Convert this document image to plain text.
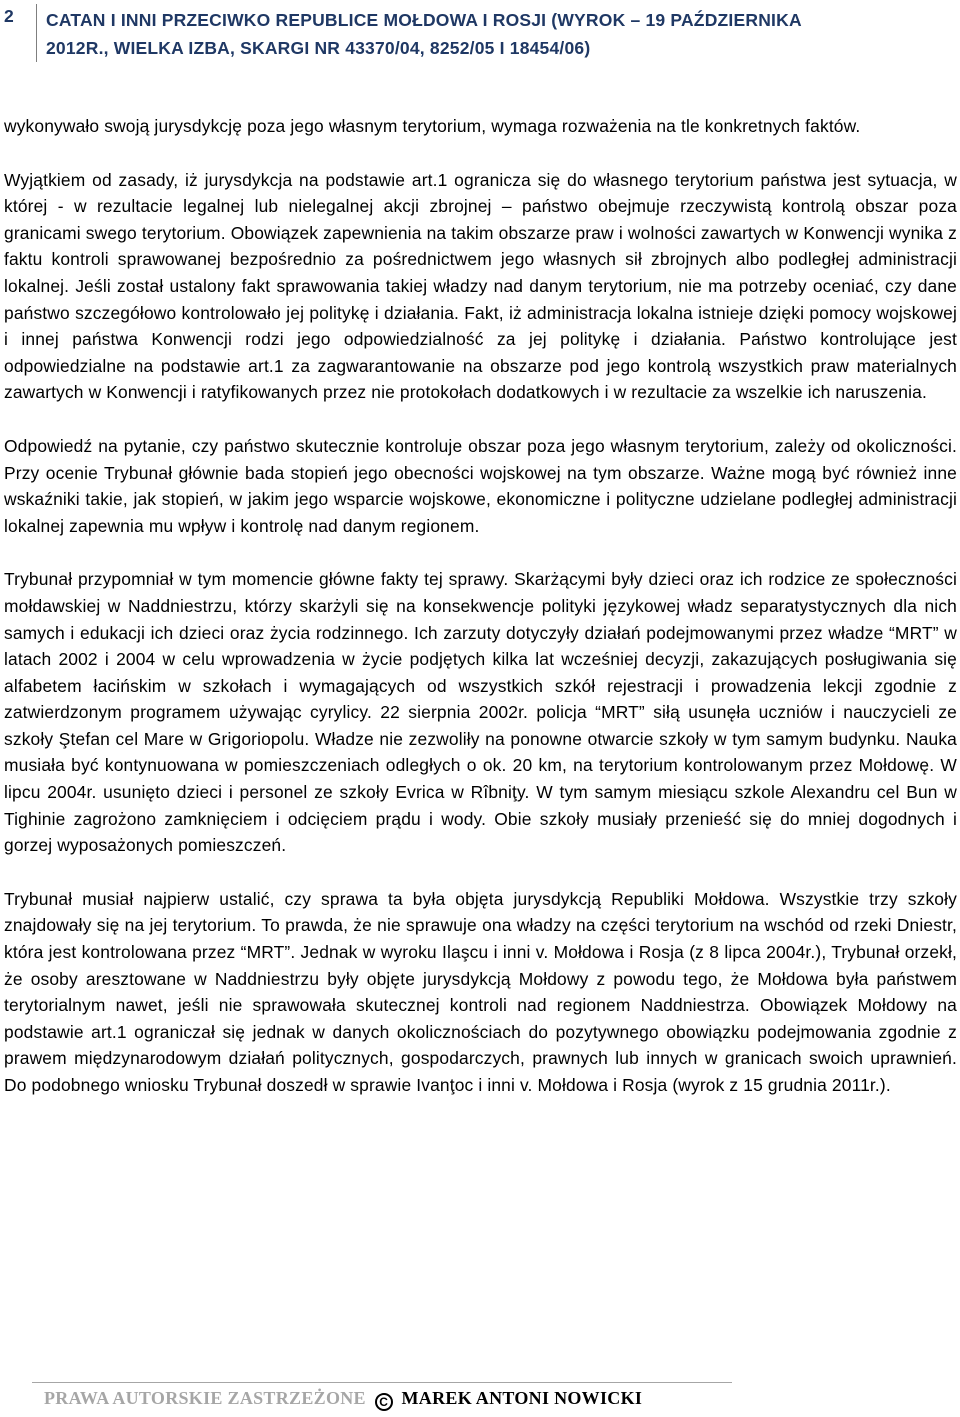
2 CATAN I INNI PRZECIWKO REPUBLICE MOŁDOWA I ROSJI (WYROK – 19 PAŹDZIERNIKA
2012R., WIELKA IZBA, SKARGI NR 43370/04, 8252/05 I 18454/06)

wykonywało swoją jurysdykcję poza jego własnym terytorium, wymaga rozważenia na tle konkretnych faktów.

Wyjątkiem od zasady, iż jurysdykcja na podstawie art.1 ogranicza się do własnego terytorium państwa jest sytuacja, w której - w rezultacie legalnej lub nielegalnej akcji zbrojnej – państwo obejmuje rzeczywistą kontrolą obszar poza granicami swego terytorium. Obowiązek zapewnienia na takim obszarze praw i wolności zawartych w Konwencji wynika z faktu kontroli sprawowanej bezpośrednio za pośrednictwem jego własnych sił zbrojnych albo podległej administracji lokalnej. Jeśli został ustalony fakt sprawowania takiej władzy nad danym terytorium, nie ma potrzeby oceniać, czy dane państwo szczegółowo kontrolowało jej politykę i działania. Fakt, iż administracja lokalna istnieje dzięki pomocy wojskowej i innej państwa Konwencji rodzi jego odpowiedzialność za jej politykę i działania. Państwo kontrolujące jest odpowiedzialne na podstawie art.1 za zagwarantowanie na obszarze pod jego kontrolą wszystkich praw materialnych zawartych w Konwencji i ratyfikowanych przez nie protokołach dodatkowych i w rezultacie za wszelkie ich naruszenia.

Odpowiedź na pytanie, czy państwo skutecznie kontroluje obszar poza jego własnym terytorium, zależy od okoliczności. Przy ocenie Trybunał głównie bada stopień jego obecności wojskowej na tym obszarze. Ważne mogą być również inne wskaźniki takie, jak stopień, w jakim jego wsparcie wojskowe, ekonomiczne i polityczne udzielane podległej administracji lokalnej zapewnia mu wpływ i kontrolę nad danym regionem.

Trybunał przypomniał w tym momencie główne fakty tej sprawy. Skarżącymi były dzieci oraz ich rodzice ze społeczności mołdawskiej w Naddniestrzu, którzy skarżyli się na konsekwencje polityki językowej władz separatystycznych dla nich samych i edukacji ich dzieci oraz życia rodzinnego. Ich zarzuty dotyczyły działań podejmowanymi przez władze “MRT” w latach 2002 i 2004 w celu wprowadzenia w życie podjętych kilka lat wcześniej decyzji, zakazujących posługiwania się alfabetem łacińskim w szkołach i wymagających od wszystkich szkół rejestracji i prowadzenia lekcji zgodnie z zatwierdzonym programem używając cyrylicy. 22 sierpnia 2002r. policja “MRT” siłą usunęła uczniów i nauczycieli ze szkoły Ştefan cel Mare w Grigoriopolu. Władze nie zezwoliły na ponowne otwarcie szkoły w tym samym budynku. Nauka musiała być kontynuowana w pomieszczeniach odległych o ok. 20 km, na terytorium kontrolowanym przez Mołdowę. W lipcu 2004r. usunięto dzieci i personel ze szkoły Evrica w Rîbniţy. W tym samym miesiącu szkole Alexandru cel Bun w Tighinie zagrożono zamknięciem i odcięciem prądu i wody. Obie szkoły musiały przenieść się do mniej dogodnych i gorzej wyposażonych pomieszczeń.

Trybunał musiał najpierw ustalić, czy sprawa ta była objęta jurysdykcją Republiki Mołdowa. Wszystkie trzy szkoły znajdowały się na jej terytorium. To prawda, że nie sprawuje ona władzy na części terytorium na wschód od rzeki Dniestr, która jest kontrolowana przez “MRT”. Jednak w wyroku Ilaşcu i inni v. Mołdowa i Rosja (z 8 lipca 2004r.), Trybunał orzekł, że osoby aresztowane w Naddniestrzu były objęte jurysdykcją Mołdowy z powodu tego, że Mołdowa była państwem terytorialnym nawet, jeśli nie sprawowała skutecznej kontroli nad regionem Naddniestrza. Obowiązek Mołdowy na podstawie art.1 ograniczał się jednak w danych okolicznościach do pozytywnego obowiązku podejmowania zgodnie z prawem międzynarodowym działań politycznych, gospodarczych, prawnych lub innych w granicach swoich uprawnień. Do podobnego wniosku Trybunał doszedł w sprawie Ivanţoc i inni v. Mołdowa i Rosja (wyrok z 15 grudnia 2011r.).

PRAWA AUTORSKIE ZASTRZEŻONE C MAREK ANTONI NOWICKI
